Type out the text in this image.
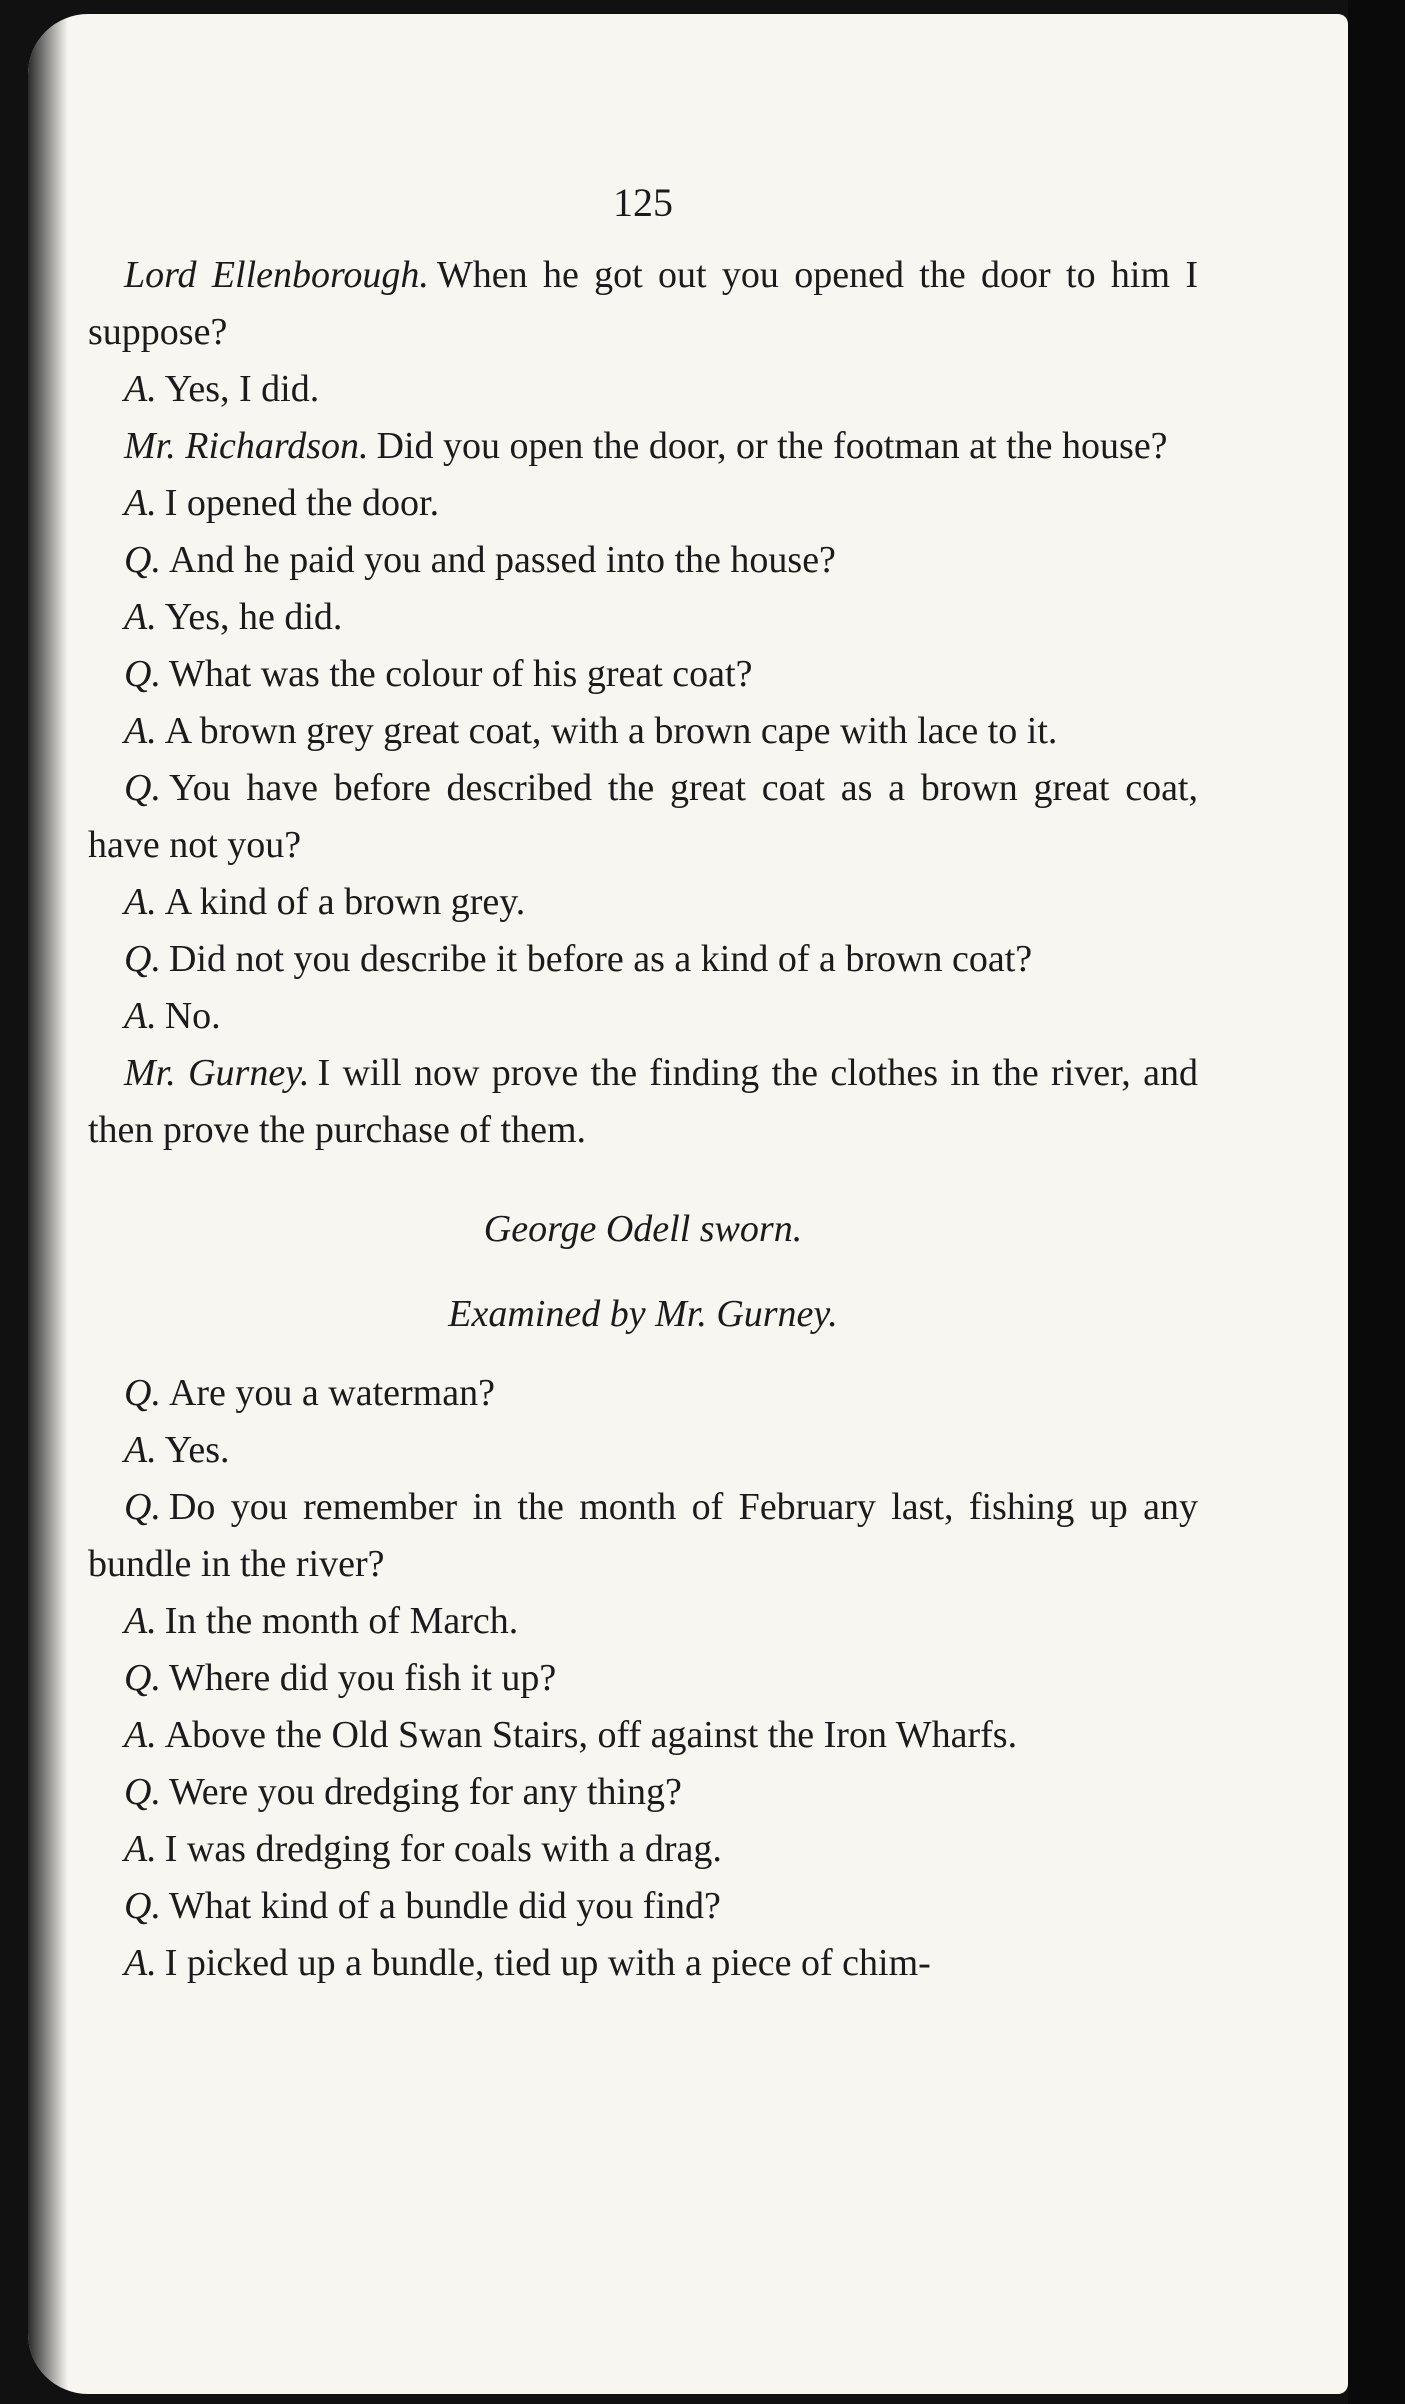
125

Lord Ellenborough. When he got out you opened the door to him I suppose?

A. Yes, I did.

Mr. Richardson. Did you open the door, or the footman at the house?

A. I opened the door.

Q. And he paid you and passed into the house?

A. Yes, he did.

Q. What was the colour of his great coat?

A. A brown grey great coat, with a brown cape with lace to it.

Q. You have before described the great coat as a brown great coat, have not you?

A. A kind of a brown grey.

Q. Did not you describe it before as a kind of a brown coat?

A. No.

Mr. Gurney. I will now prove the finding the clothes in the river, and then prove the purchase of them.

George Odell sworn.
Examined by Mr. Gurney.

Q. Are you a waterman?

A. Yes.

Q. Do you remember in the month of February last, fishing up any bundle in the river?

A. In the month of March.

Q. Where did you fish it up?

A. Above the Old Swan Stairs, off against the Iron Wharfs.

Q. Were you dredging for any thing?

A. I was dredging for coals with a drag.

Q. What kind of a bundle did you find?

A. I picked up a bundle, tied up with a piece of chim-
